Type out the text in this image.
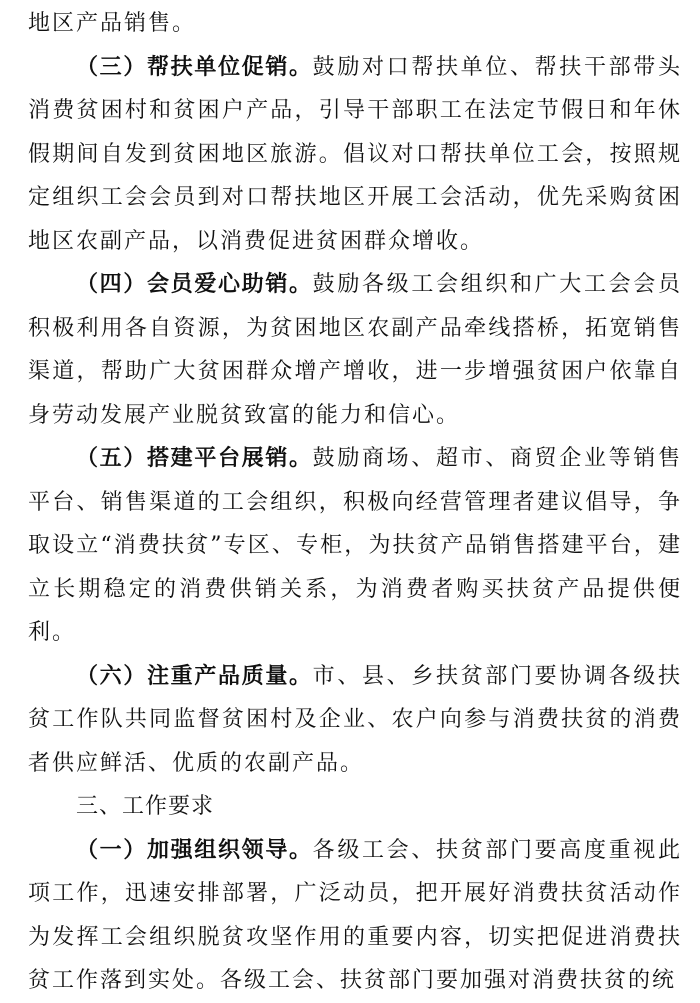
地区产品销售。

（三）帮扶单位促销。鼓励对口帮扶单位、帮扶干部带头消费贫困村和贫困户产品，引导干部职工在法定节假日和年休假期间自发到贫困地区旅游。倡议对口帮扶单位工会，按照规定组织工会会员到对口帮扶地区开展工会活动，优先采购贫困地区农副产品，以消费促进贫困群众增收。

（四）会员爱心助销。鼓励各级工会组织和广大工会会员积极利用各自资源，为贫困地区农副产品牵线搭桥，拓宽销售渠道，帮助广大贫困群众增产增收，进一步增强贫困户依靠自身劳动发展产业脱贫致富的能力和信心。

（五）搭建平台展销。鼓励商场、超市、商贸企业等销售平台、销售渠道的工会组织，积极向经营管理者建议倡导，争取设立“消费扶贫”专区、专柜，为扶贫产品销售搭建平台，建立长期稳定的消费供销关系，为消费者购买扶贫产品提供便利。

（六）注重产品质量。市、县、乡扶贫部门要协调各级扶贫工作队共同监督贫困村及企业、农户向参与消费扶贫的消费者供应鲜活、优质的农副产品。

三、工作要求

（一）加强组织领导。各级工会、扶贫部门要高度重视此项工作，迅速安排部署，广泛动员，把开展好消费扶贫活动作为发挥工会组织脱贫攻坚作用的重要内容，切实把促进消费扶贫工作落到实处。各级工会、扶贫部门要加强对消费扶贫的统
